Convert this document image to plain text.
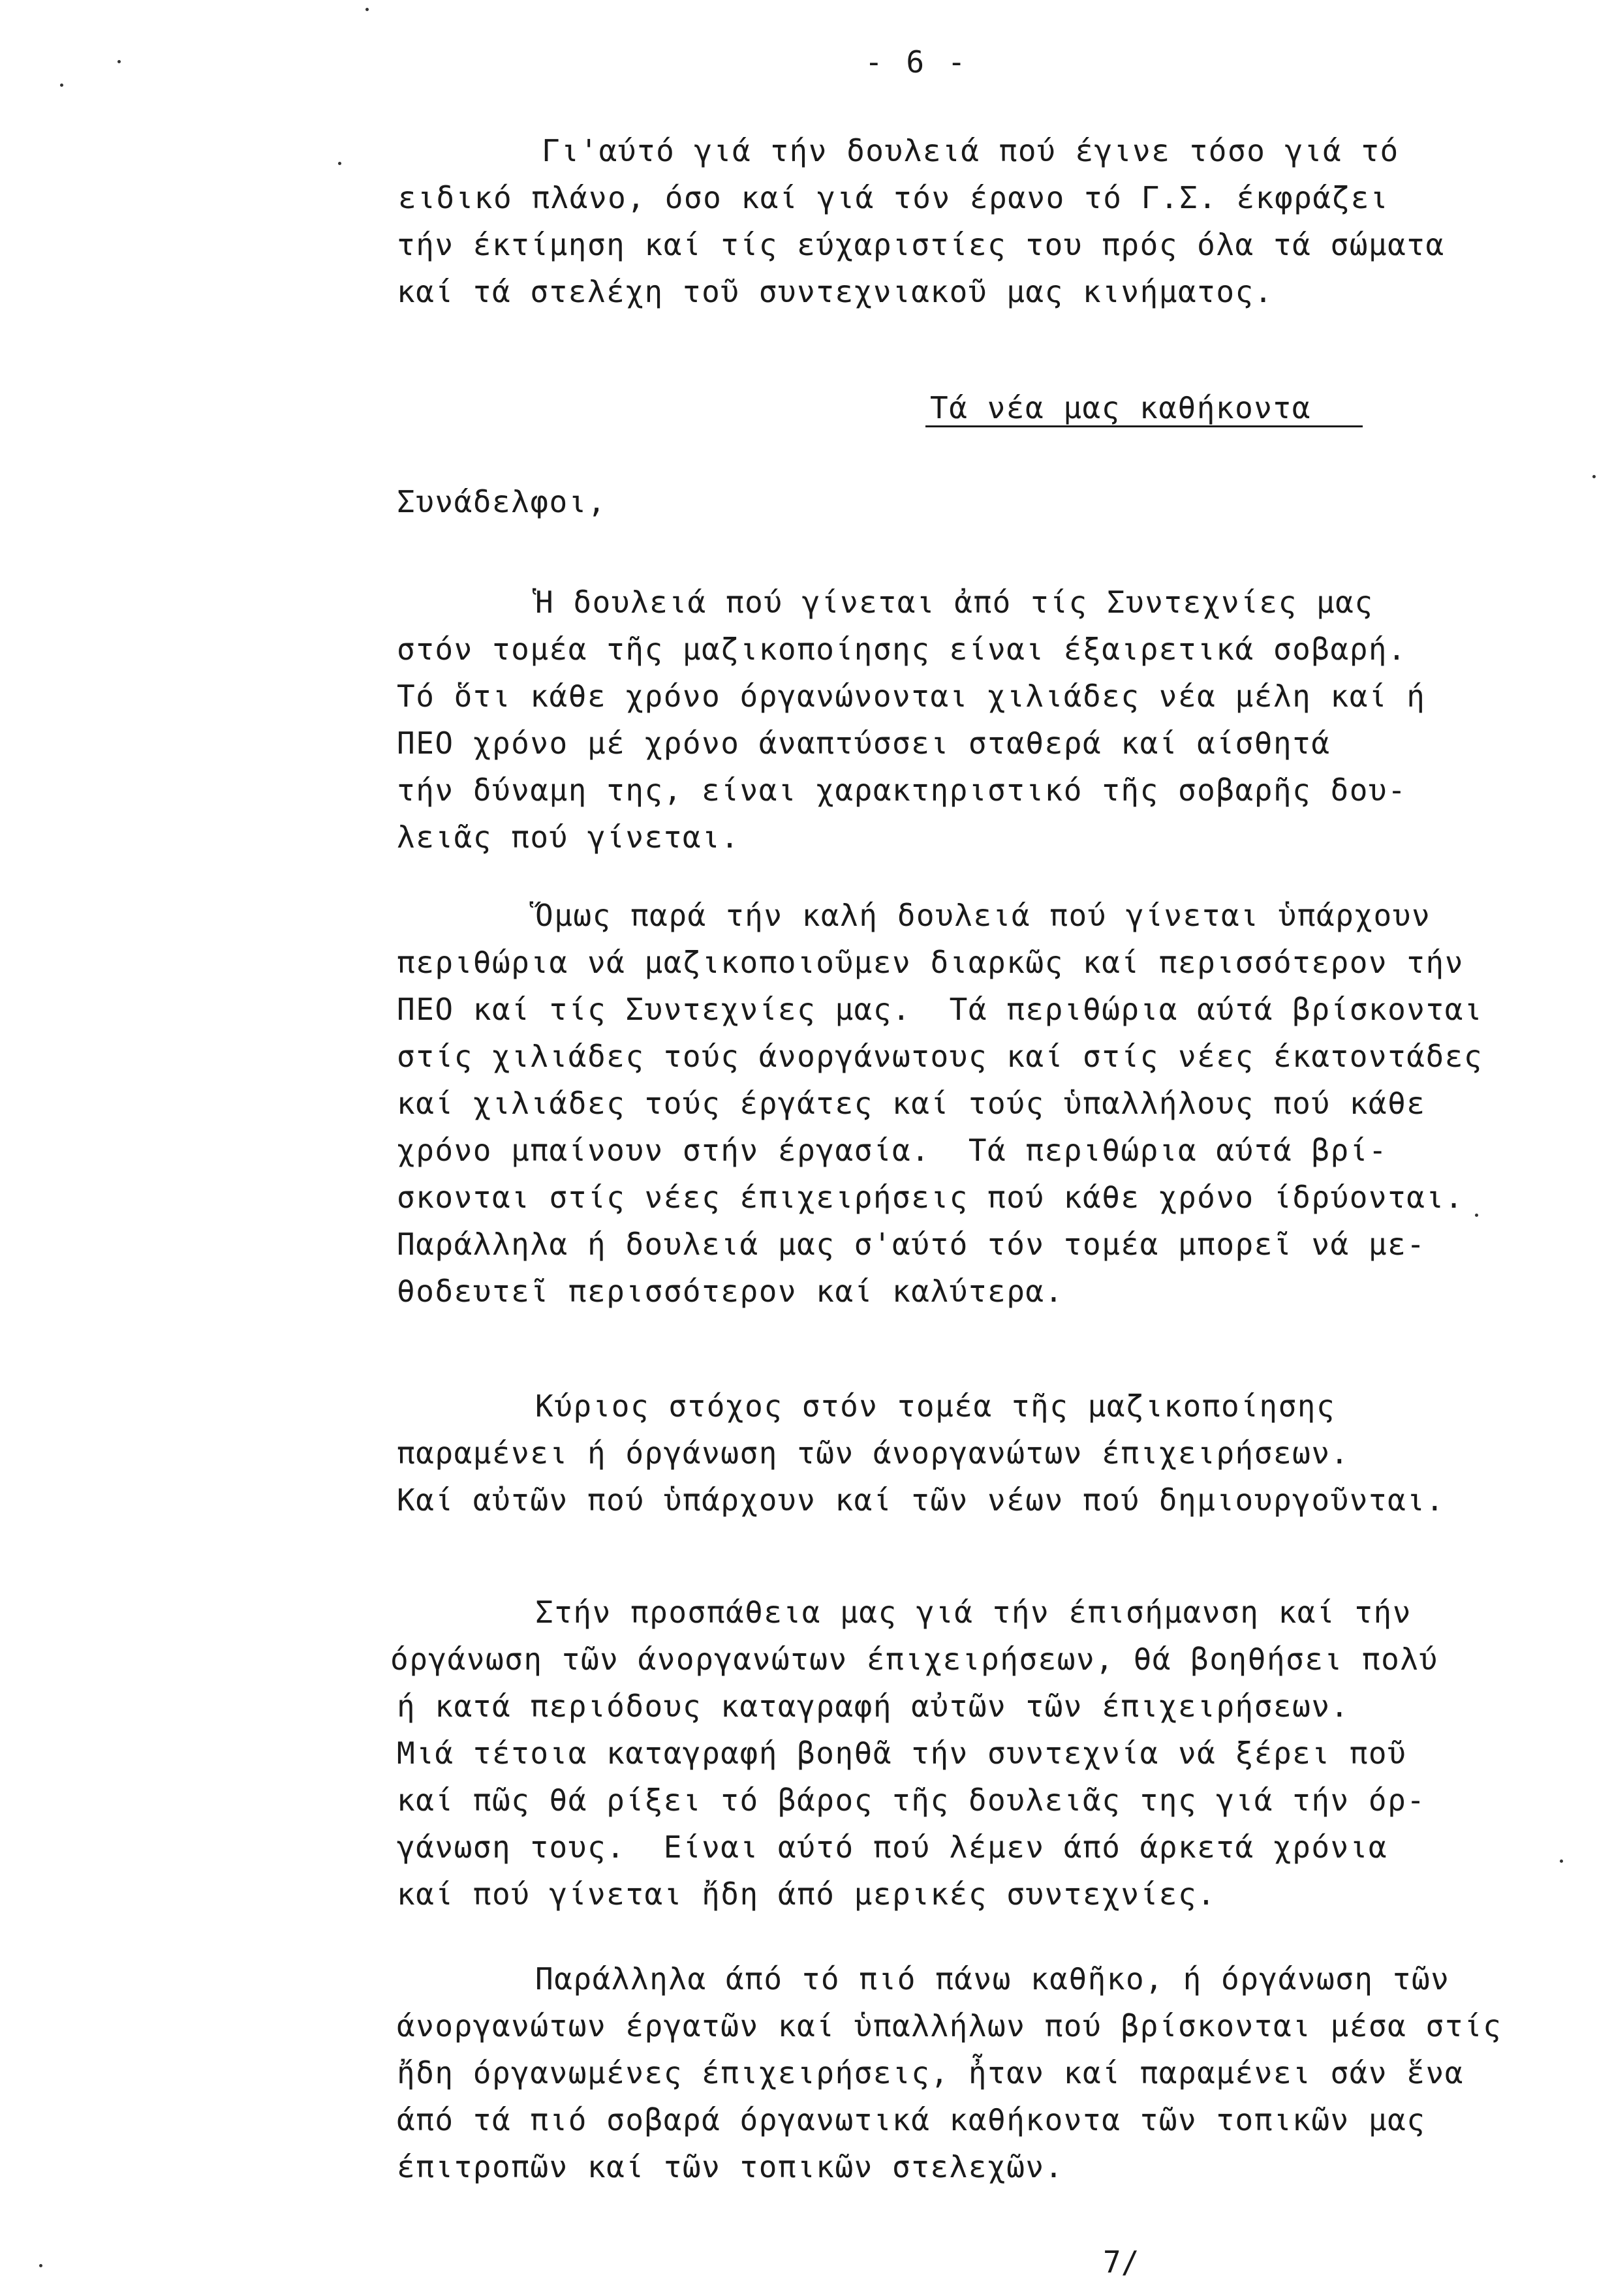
- 6 -
Γι'αύτό γιά τήν δουλειά πού έγινε τόσο γιά τό
ειδικό πλάνο, όσο καί γιά τόν έρανο τό Γ.Σ. έκφράζει
τήν έκτίμηση καί τίς εύχαριστίες του πρός όλα τά σώματα
καί τά στελέχη τοῦ συντεχνιακοῦ μας κινήματος.
Τά νέα μας καθήκοντα
Συνάδελφοι,
Ἡ δουλειά πού γίνεται ἀπό τίς Συντεχνίες μας
στόν τομέα τῆς μαζικοποίησης είναι έξαιρετικά σοβαρή.
Τό ὅτι κάθε χρόνο όργανώνονται χιλιάδες νέα μέλη καί ή
ΠΕΟ χρόνο μέ χρόνο άναπτύσσει σταθερά καί αίσθητά
τήν δύναμη της, είναι χαρακτηριστικό τῆς σοβαρῆς δου-
λειᾶς πού γίνεται.
Ὅμως παρά τήν καλή δουλειά πού γίνεται ὑπάρχουν
περιθώρια νά μαζικοποιοῦμεν διαρκῶς καί περισσότερον τήν
ΠΕΟ καί τίς Συντεχνίες μας.  Τά περιθώρια αύτά βρίσκονται
στίς χιλιάδες τούς άνοργάνωτους καί στίς νέες έκατοντάδες
καί χιλιάδες τούς έργάτες καί τούς ὑπαλλήλους πού κάθε
χρόνο μπαίνουν στήν έργασία.  Τά περιθώρια αύτά βρί-
σκονται στίς νέες έπιχειρήσεις πού κάθε χρόνο ίδρύονται.
Παράλληλα ή δουλειά μας σ'αύτό τόν τομέα μπορεῖ νά με-
θοδευτεῖ περισσότερον καί καλύτερα.
Κύριος στόχος στόν τομέα τῆς μαζικοποίησης
παραμένει ή όργάνωση τῶν άνοργανώτων έπιχειρήσεων.
Καί αὐτῶν πού ὑπάρχουν καί τῶν νέων πού δημιουργοῦνται.
Στήν προσπάθεια μας γιά τήν έπισήμανση καί τήν
όργάνωση τῶν άνοργανώτων έπιχειρήσεων, θά βοηθήσει πολύ
ή κατά περιόδους καταγραφή αὐτῶν τῶν έπιχειρήσεων.
Μιά τέτοια καταγραφή βοηθᾶ τήν συντεχνία νά ξέρει ποῦ
καί πῶς θά ρίξει τό βάρος τῆς δουλειᾶς της γιά τήν όρ-
γάνωση τους.  Είναι αύτό πού λέμεν άπό άρκετά χρόνια
καί πού γίνεται ἤδη άπό μερικές συντεχνίες.
Παράλληλα άπό τό πιό πάνω καθῆκο, ή όργάνωση τῶν
άνοργανώτων έργατῶν καί ὑπαλλήλων πού βρίσκονται μέσα στίς
ἤδη όργανωμένες έπιχειρήσεις, ἦταν καί παραμένει σάν ἕνα
άπό τά πιό σοβαρά όργανωτικά καθήκοντα τῶν τοπικῶν μας
έπιτροπῶν καί τῶν τοπικῶν στελεχῶν.
7/
